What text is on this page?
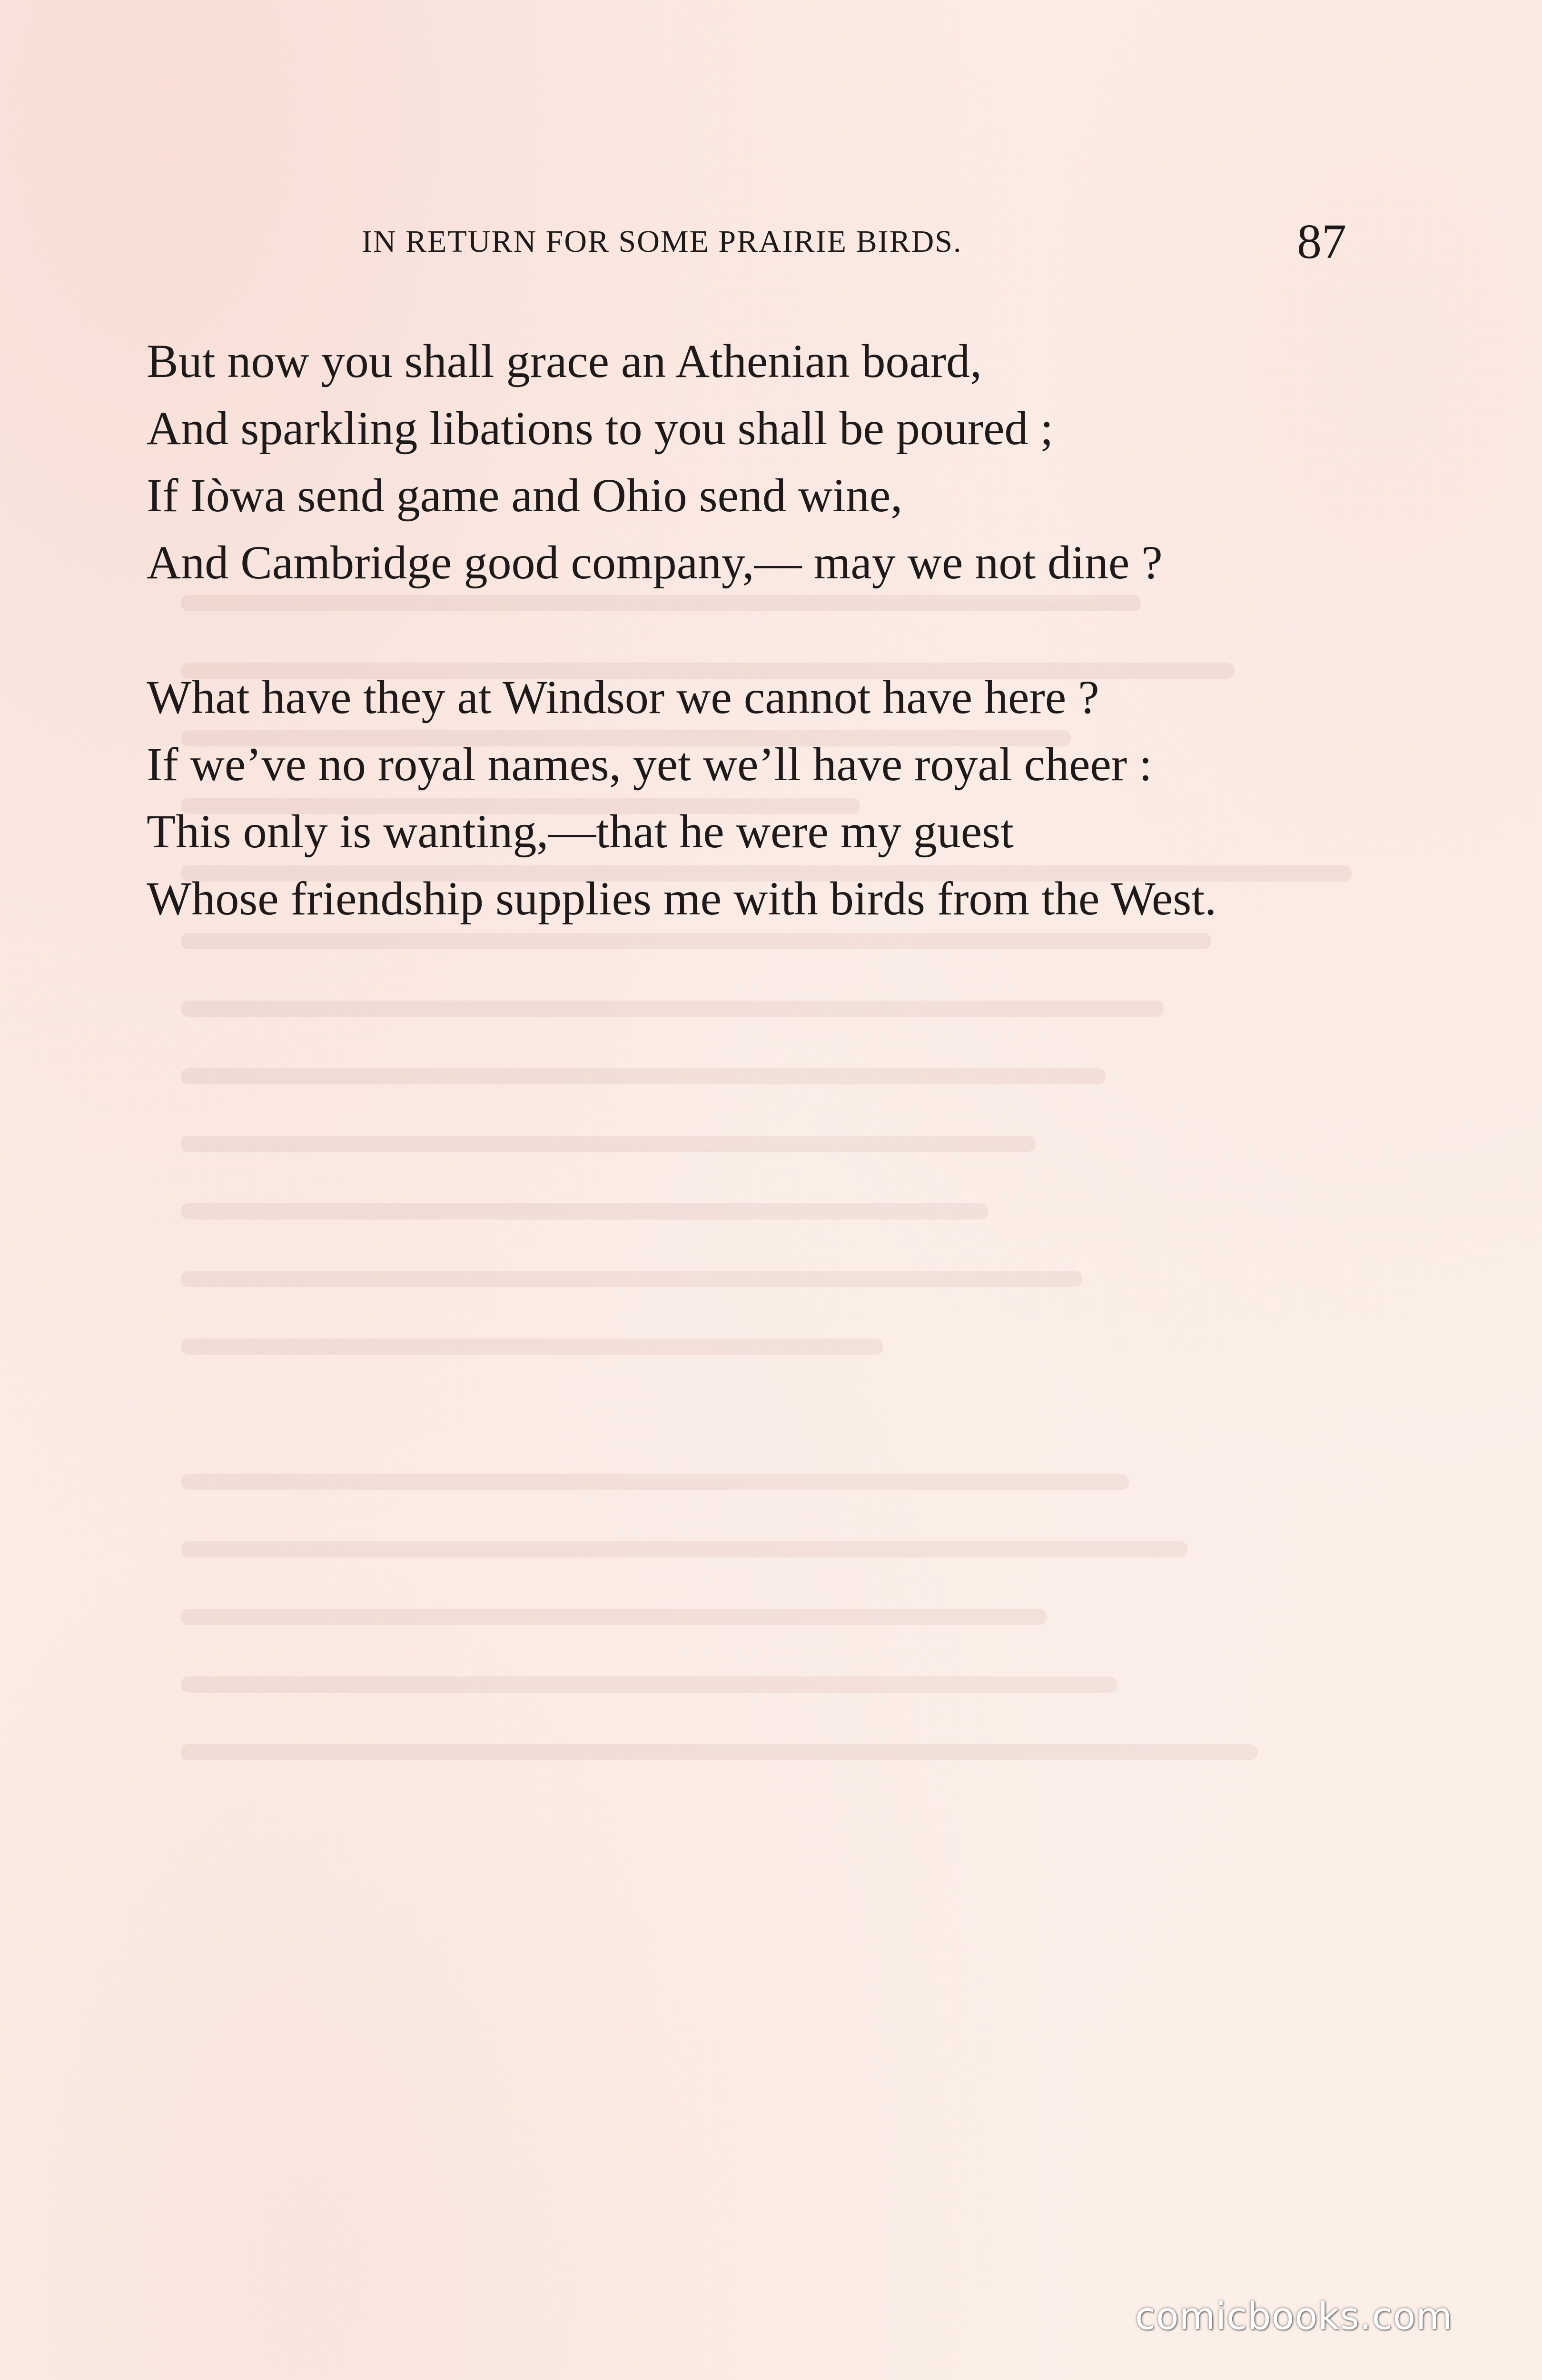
IN RETURN FOR SOME PRAIRIE BIRDS.	87
But now you shall grace an Athenian board,
And sparkling libations to you shall be poured ;
If Iòwa send game and Ohio send wine,
And Cambridge good company,— may we not dine ?
What have they at Windsor we cannot have here ?
If we’ve no royal names, yet we’ll have royal cheer :
This only is wanting,—that he were my guest
Whose friendship supplies me with birds from the West.
comicbooks.com
